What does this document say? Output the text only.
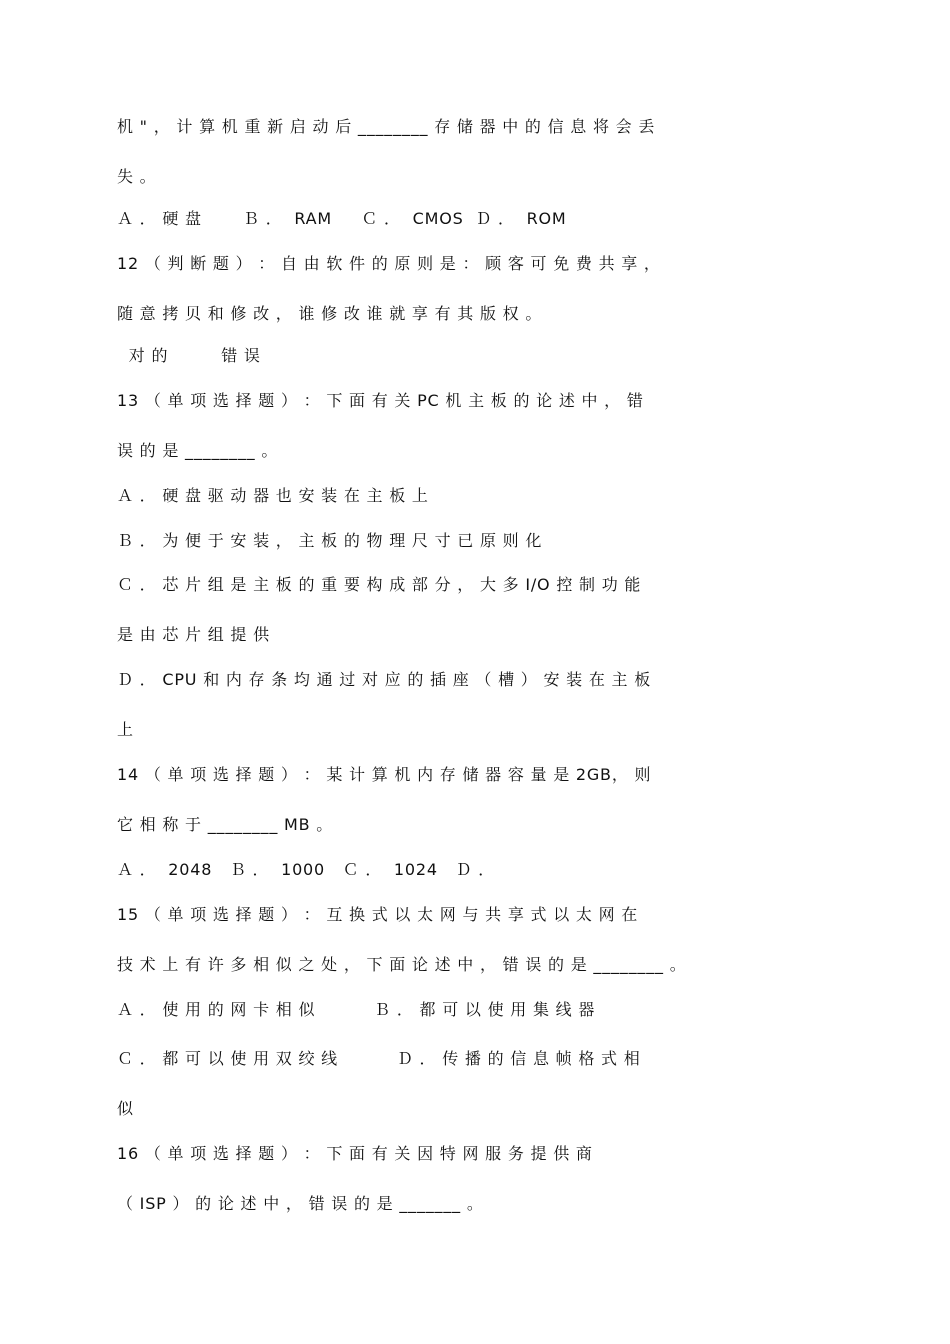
机 " ， 计 算 机 重 新 启 动 后 ________ 存 储 器 中 的 信 息 将 会 丢
失 。
Ａ ． 硬 盘       Ｂ ．  RAM     Ｃ ．  CMOS  Ｄ ．  ROM
12 （ 判 断 题 ） ： 自 由 软 件 的 原 则 是 ： 顾 客 可 免 费 共 享 ，
随 意 拷 贝 和 修 改 ， 谁 修 改 谁 就 享 有 其 版 权 。
对 的         错 误
13 （ 单 项 选 择 题 ） ： 下 面 有 关 PC 机 主 板 的 论 述 中 ， 错
误 的 是 ________ 。
Ａ ． 硬 盘 驱 动 器 也 安 装 在 主 板 上
Ｂ ． 为 便 于 安 装 ， 主 板 的 物 理 尺 寸 已 原 则 化
Ｃ ． 芯 片 组 是 主 板 的 重 要 构 成 部 分 ， 大 多 I/O 控 制 功 能
是 由 芯 片 组 提 供
Ｄ ． CPU 和 内 存 条 均 通 过 对 应 的 插 座 （ 槽 ） 安 装 在 主 板
上
14 （ 单 项 选 择 题 ） ： 某 计 算 机 内 存 储 器 容 量 是 2GB， 则
它 相 称 于 ________ MB 。
Ａ ．  2048   Ｂ ．  1000   Ｃ ．  1024   Ｄ ．
15 （ 单 项 选 择 题 ） ： 互 换 式 以 太 网 与 共 享 式 以 太 网 在
技 术 上 有 许 多 相 似 之 处 ， 下 面 论 述 中 ， 错 误 的 是 ________ 。
Ａ ． 使 用 的 网 卡 相 似          Ｂ ． 都 可 以 使 用 集 线 器
Ｃ ． 都 可 以 使 用 双 绞 线          Ｄ ． 传 播 的 信 息 帧 格 式 相
似
16 （ 单 项 选 择 题 ） ： 下 面 有 关 因 特 网 服 务 提 供 商
（ ISP ） 的 论 述 中 ， 错 误 的 是 _______ 。
